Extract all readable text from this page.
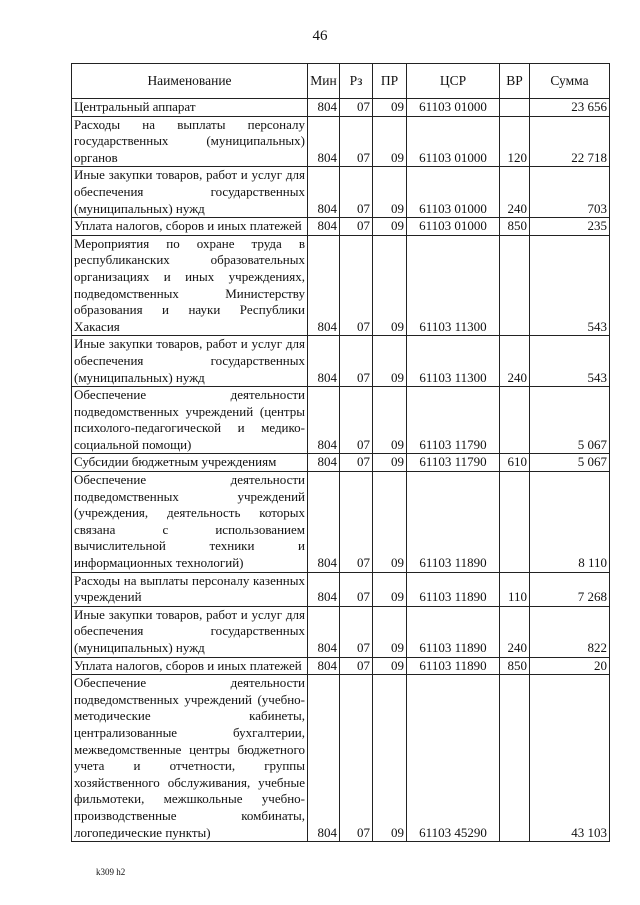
46
Наименование	Мин	Рз	ПР	ЦСР	ВР	Сумма
Центральный аппарат	804	07	09	61103 01000		23 656
Расходы на выплаты персоналу государственных (муниципальных) органов	804	07	09	61103 01000	120	22 718
Иные закупки товаров, работ и услуг для обеспечения государственных (муниципальных) нужд	804	07	09	61103 01000	240	703
Уплата налогов, сборов и иных платежей	804	07	09	61103 01000	850	235
Мероприятия по охране труда в республиканских образовательных организациях и иных учреждениях, подведомственных Министерству образования и науки Республики Хакасия	804	07	09	61103 11300		543
Иные закупки товаров, работ и услуг для обеспечения государственных (муниципальных) нужд	804	07	09	61103 11300	240	543
Обеспечение деятельности подведомственных учреждений (центры психолого-педагогической и медико-социальной помощи)	804	07	09	61103 11790		5 067
Субсидии бюджетным учреждениям	804	07	09	61103 11790	610	5 067
Обеспечение деятельности подведомственных учреждений (учреждения, деятельность которых связана с использованием вычислительной техники и информационных технологий)	804	07	09	61103 11890		8 110
Расходы на выплаты персоналу казенных учреждений	804	07	09	61103 11890	110	7 268
Иные закупки товаров, работ и услуг для обеспечения государственных (муниципальных) нужд	804	07	09	61103 11890	240	822
Уплата налогов, сборов и иных платежей	804	07	09	61103 11890	850	20
Обеспечение деятельности подведомственных учреждений (учебно-методические кабинеты, централизованные бухгалтерии, межведомственные центры бюджетного учета и отчетности, группы хозяйственного обслуживания, учебные фильмотеки, межшкольные учебно-производственные комбинаты, логопедические пункты)	804	07	09	61103 45290		43 103
k309 h2
